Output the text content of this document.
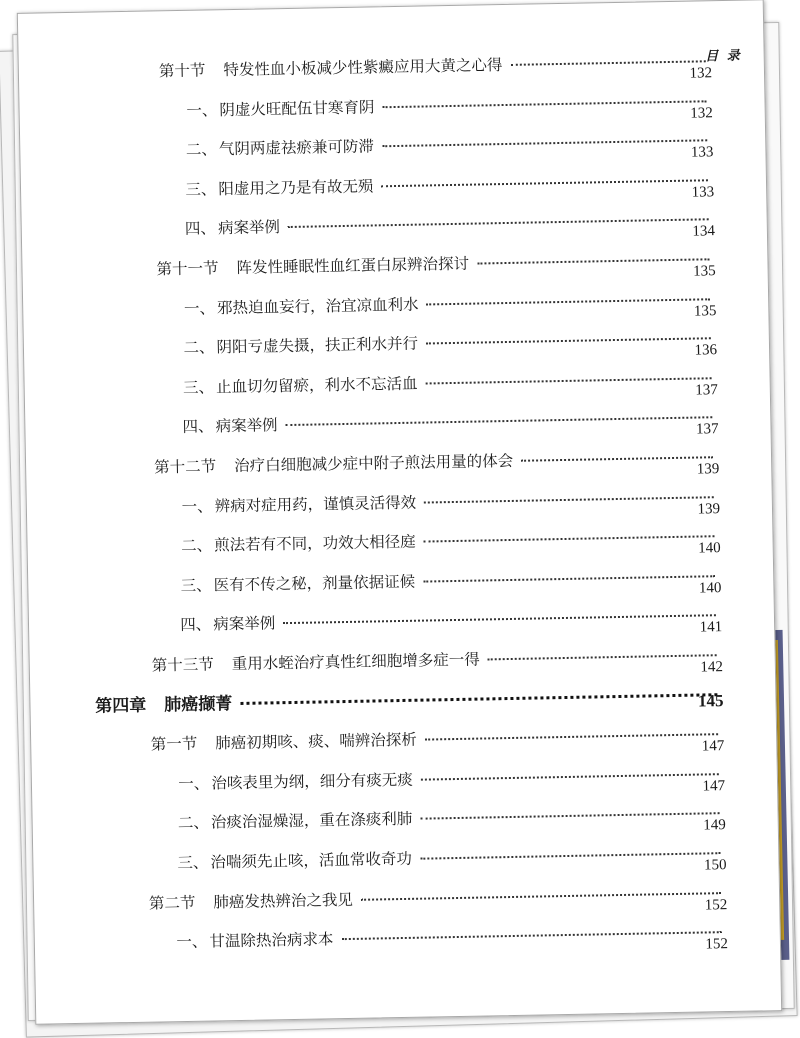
目 录
第十节 特发性血小板减少性紫癜应用大黄之心得	132
一、 阴虚火旺配伍甘寒育阴	132
二、 气阴两虚祛瘀兼可防滞	133
三、 阳虚用之乃是有故无殒	133
四、 病案举例	134
第十一节 阵发性睡眠性血红蛋白尿辨治探讨	135
一、 邪热迫血妄行，治宜凉血利水	135
二、 阴阳亏虚失摄，扶正利水并行	136
三、 止血切勿留瘀，利水不忘活血	137
四、 病案举例	137
第十二节 治疗白细胞减少症中附子煎法用量的体会	139
一、 辨病对症用药，谨慎灵活得效	139
二、 煎法若有不同，功效大相径庭	140
三、 医有不传之秘，剂量依据证候	140
四、 病案举例	141
第十三节 重用水蛭治疗真性红细胞增多症一得	142
第四章 肺癌撷菁	145
第一节 肺癌初期咳、痰、喘辨治探析	147
一、 治咳表里为纲，细分有痰无痰	147
二、 治痰治湿燥湿，重在涤痰利肺	149
三、 治喘须先止咳，活血常收奇功	150
第二节 肺癌发热辨治之我见	152
一、 甘温除热治病求本	152
